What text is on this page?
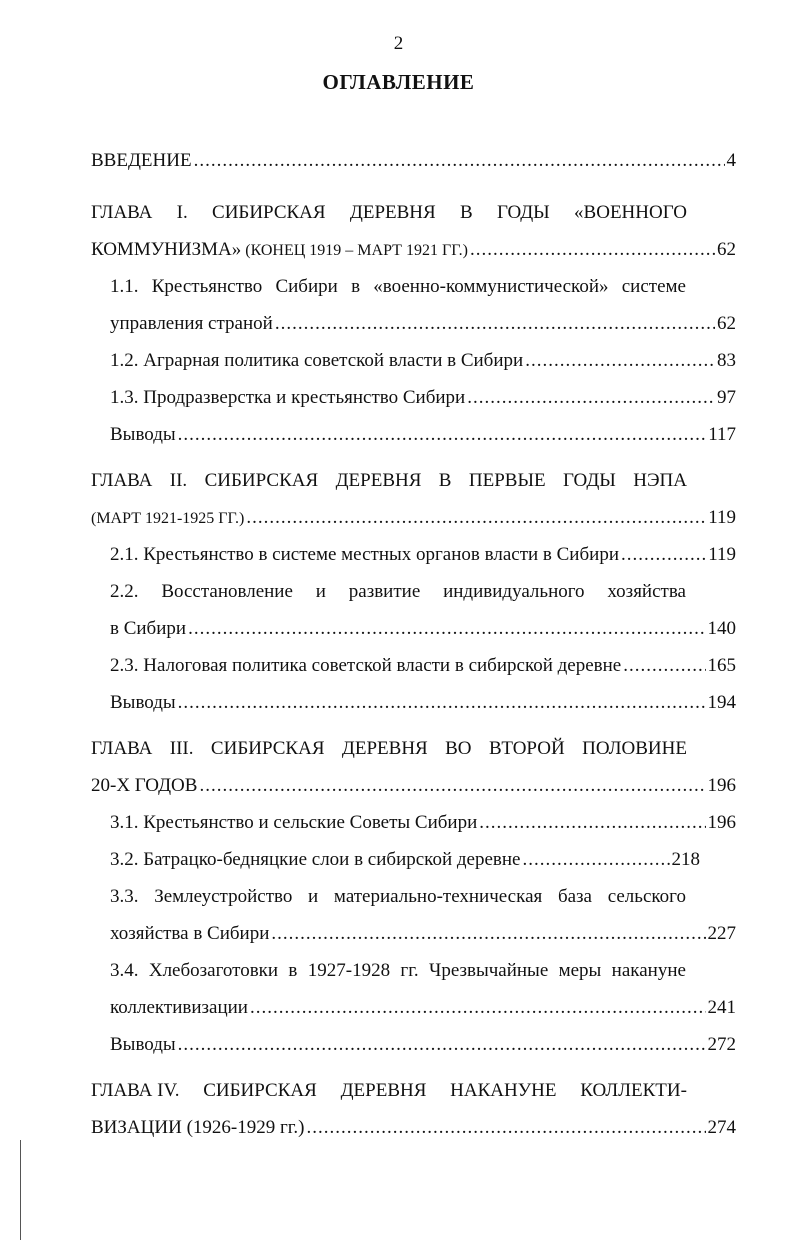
2
ОГЛАВЛЕНИЕ
ВВЕДЕНИЕ .....	4
ГЛАВА I. СИБИРСКАЯ ДЕРЕВНЯ В ГОДЫ «ВОЕННОГО
КОММУНИЗМА» (КОНЕЦ 1919 – МАРТ 1921 ГГ.) .....	62
1.1. Крестьянство Сибири в «военно-коммунистической» системе
управления страной .....	62
1.2. Аграрная политика советской власти в Сибири .....	83
1.3. Продразверстка и крестьянство Сибири .....	97
Выводы .....	117
ГЛАВА II. СИБИРСКАЯ ДЕРЕВНЯ В ПЕРВЫЕ ГОДЫ НЭПА
(МАРТ 1921-1925 ГГ.) .....	119
2.1. Крестьянство в системе местных органов власти в Сибири .....	119
2.2. Восстановление и развитие индивидуального хозяйства
в Сибири .....	140
2.3. Налоговая политика советской власти в сибирской деревне .....	165
Выводы .....	194
ГЛАВА III. СИБИРСКАЯ ДЕРЕВНЯ ВО ВТОРОЙ ПОЛОВИНЕ
20-Х ГОДОВ .....	196
3.1. Крестьянство и сельские Советы Сибири .....	196
3.2. Батрацко-бедняцкие слои в сибирской деревне .....	218
3.3. Землеустройство и материально-техническая база сельского
хозяйства в Сибири .....	227
3.4. Хлебозаготовки в 1927-1928 гг. Чрезвычайные меры накануне
коллективизации .....	241
Выводы .....	272
ГЛАВА IV. СИБИРСКАЯ ДЕРЕВНЯ НАКАНУНЕ КОЛЛЕКТИ-
ВИЗАЦИИ (1926-1929 гг.) .....	274
